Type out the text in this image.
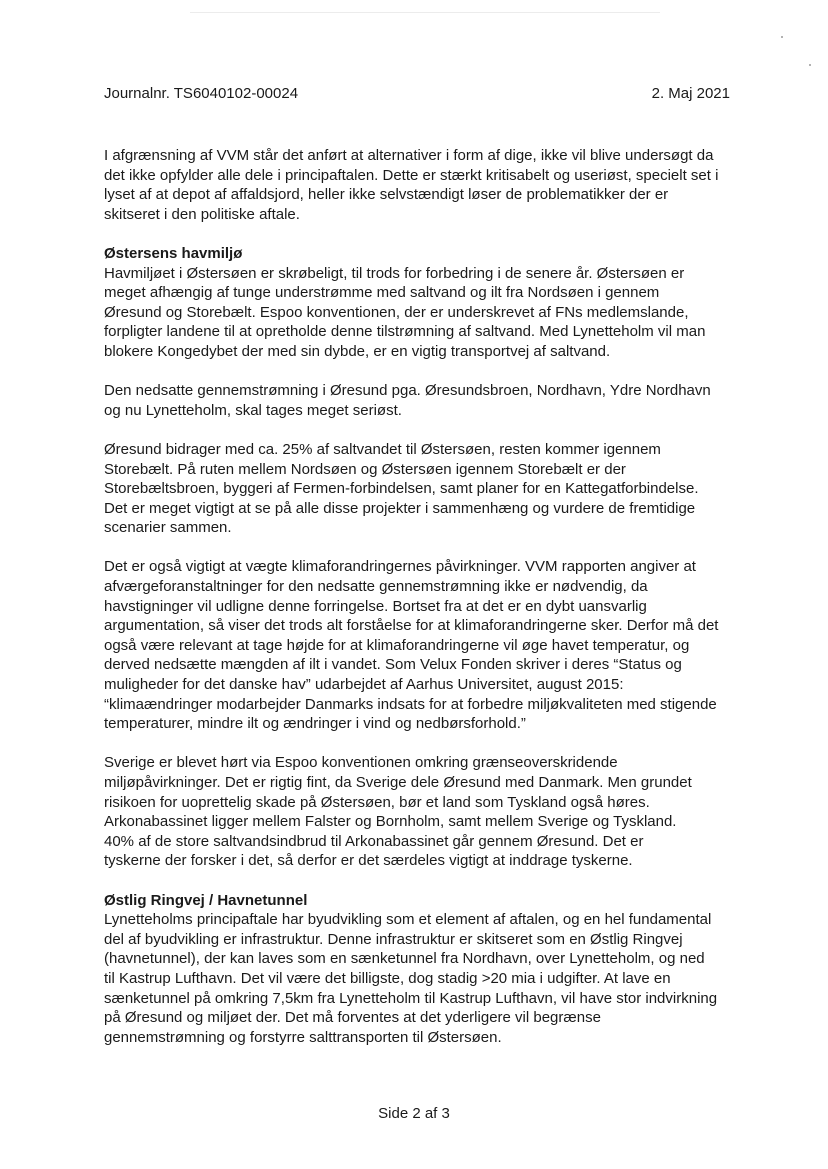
Journalnr. TS6040102-00024	2. Maj 2021

I afgrænsning af VVM står det anført at alternativer i form af dige, ikke vil blive undersøgt da

det ikke opfylder alle dele i principaftalen. Dette er stærkt kritisabelt og useriøst, specielt set i

lyset af at depot af affaldsjord, heller ikke selvstændigt løser de problematikker der er

skitseret i den politiske aftale.

Østersens havmiljø

Havmiljøet i Østersøen er skrøbeligt, til trods for forbedring i de senere år. Østersøen er

meget afhængig af tunge understrømme med saltvand og ilt fra Nordsøen i gennem

Øresund og Storebælt. Espoo konventionen, der er underskrevet af FNs medlemslande,

forpligter landene til at opretholde denne tilstrømning af saltvand. Med Lynetteholm vil man

blokere Kongedybet der med sin dybde, er en vigtig transportvej af saltvand.

Den nedsatte gennemstrømning i Øresund pga. Øresundsbroen, Nordhavn, Ydre Nordhavn

og nu Lynetteholm, skal tages meget seriøst.

Øresund bidrager med ca. 25% af saltvandet til Østersøen, resten kommer igennem

Storebælt. På ruten mellem Nordsøen og Østersøen igennem Storebælt er der

Storebæltsbroen, byggeri af Fermen-forbindelsen, samt planer for en Kattegatforbindelse.

Det er meget vigtigt at se på alle disse projekter i sammenhæng og vurdere de fremtidige

scenarier sammen.

Det er også vigtigt at vægte klimaforandringernes påvirkninger. VVM rapporten angiver at

afværgeforanstaltninger for den nedsatte gennemstrømning ikke er nødvendig, da

havstigninger vil udligne denne forringelse. Bortset fra at det er en dybt uansvarlig

argumentation, så viser det trods alt forståelse for at klimaforandringerne sker. Derfor må det

også være relevant at tage højde for at klimaforandringerne vil øge havet temperatur, og

derved nedsætte mængden af ilt i vandet. Som Velux Fonden skriver i deres “Status og

muligheder for det danske hav” udarbejdet af Aarhus Universitet, august 2015:

“klimaændringer modarbejder Danmarks indsats for at forbedre miljøkvaliteten med stigende

temperaturer, mindre ilt og ændringer i vind og nedbørsforhold.”

Sverige er blevet hørt via Espoo konventionen omkring grænseoverskridende

miljøpåvirkninger. Det er rigtig fint, da Sverige dele Øresund med Danmark. Men grundet

risikoen for uoprettelig skade på Østersøen, bør et land som Tyskland også høres.

Arkonabassinet ligger mellem Falster og Bornholm, samt mellem Sverige og Tyskland.

40% af de store saltvandsindbrud til Arkonabassinet går gennem Øresund. Det er

tyskerne der forsker i det, så derfor er det særdeles vigtigt at inddrage tyskerne.

Østlig Ringvej / Havnetunnel

Lynetteholms principaftale har byudvikling som et element af aftalen, og en hel fundamental

del af byudvikling er infrastruktur. Denne infrastruktur er skitseret som en Østlig Ringvej

(havnetunnel), der kan laves som en sænketunnel fra Nordhavn, over Lynetteholm, og ned

til Kastrup Lufthavn. Det vil være det billigste, dog stadig >20 mia i udgifter. At lave en

sænketunnel på omkring 7,5km fra Lynetteholm til Kastrup Lufthavn, vil have stor indvirkning

på Øresund og miljøet der. Det må forventes at det yderligere vil begrænse

gennemstrømning og forstyrre salttransporten til Østersøen.

Side 2 af 3
